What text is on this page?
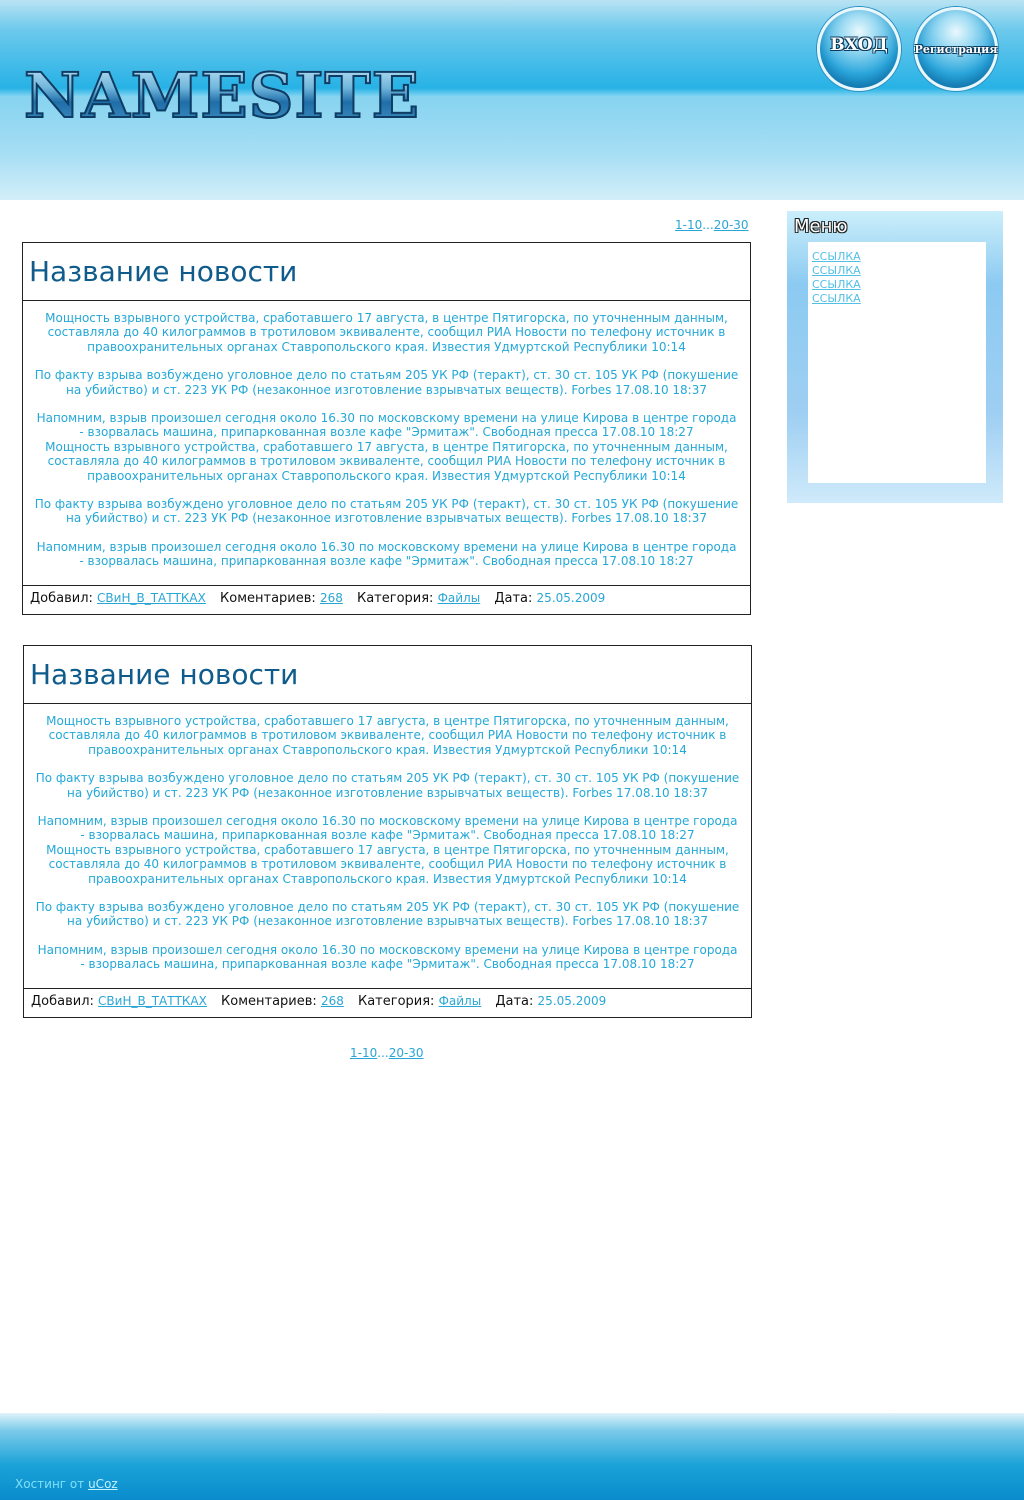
NAMESITE
ВХОД	Регистрация
1-10...20-30
Название новости

Мощность взрывного устройства, сработавшего 17 августа, в центре Пятигорска, по уточненным данным, составляла до 40 килограммов в тротиловом эквиваленте, сообщил РИА Новости по телефону источник в правоохранительных органах Ставропольского края. Известия Удмуртской Республики 10:14

По факту взрыва возбуждено уголовное дело по статьям 205 УК РФ (теракт), ст. 30 ст. 105 УК РФ (покушение на убийство) и ст. 223 УК РФ (незаконное изготовление взрывчатых веществ). Forbes 17.08.10 18:37

Напомним, взрыв произошел сегодня около 16.30 по московскому времени на улице Кирова в центре города - взорвалась машина, припаркованная возле кафе "Эрмитаж". Свободная пресса 17.08.10 18:27

Мощность взрывного устройства, сработавшего 17 августа, в центре Пятигорска, по уточненным данным, составляла до 40 килограммов в тротиловом эквиваленте, сообщил РИА Новости по телефону источник в правоохранительных органах Ставропольского края. Известия Удмуртской Республики 10:14

По факту взрыва возбуждено уголовное дело по статьям 205 УК РФ (теракт), ст. 30 ст. 105 УК РФ (покушение на убийство) и ст. 223 УК РФ (незаконное изготовление взрывчатых веществ). Forbes 17.08.10 18:37

Напомним, взрыв произошел сегодня около 16.30 по московскому времени на улице Кирова в центре города - взорвалась машина, припаркованная возле кафе "Эрмитаж". Свободная пресса 17.08.10 18:27

Добавил: СВиН_В_ТАТТКАХ Коментариев: 268 Категория: Файлы Дата: 25.05.2009
Название новости

Мощность взрывного устройства, сработавшего 17 августа, в центре Пятигорска, по уточненным данным, составляла до 40 килограммов в тротиловом эквиваленте, сообщил РИА Новости по телефону источник в правоохранительных органах Ставропольского края. Известия Удмуртской Республики 10:14

По факту взрыва возбуждено уголовное дело по статьям 205 УК РФ (теракт), ст. 30 ст. 105 УК РФ (покушение на убийство) и ст. 223 УК РФ (незаконное изготовление взрывчатых веществ). Forbes 17.08.10 18:37

Напомним, взрыв произошел сегодня около 16.30 по московскому времени на улице Кирова в центре города - взорвалась машина, припаркованная возле кафе "Эрмитаж". Свободная пресса 17.08.10 18:27

Мощность взрывного устройства, сработавшего 17 августа, в центре Пятигорска, по уточненным данным, составляла до 40 килограммов в тротиловом эквиваленте, сообщил РИА Новости по телефону источник в правоохранительных органах Ставропольского края. Известия Удмуртской Республики 10:14

По факту взрыва возбуждено уголовное дело по статьям 205 УК РФ (теракт), ст. 30 ст. 105 УК РФ (покушение на убийство) и ст. 223 УК РФ (незаконное изготовление взрывчатых веществ). Forbes 17.08.10 18:37

Напомним, взрыв произошел сегодня около 16.30 по московскому времени на улице Кирова в центре города - взорвалась машина, припаркованная возле кафе "Эрмитаж". Свободная пресса 17.08.10 18:27

Добавил: СВиН_В_ТАТТКАХ Коментариев: 268 Категория: Файлы Дата: 25.05.2009
1-10...20-30
Меню
ССЫЛКА
ССЫЛКА
ССЫЛКА
ССЫЛКА
Хостинг от uCoz
